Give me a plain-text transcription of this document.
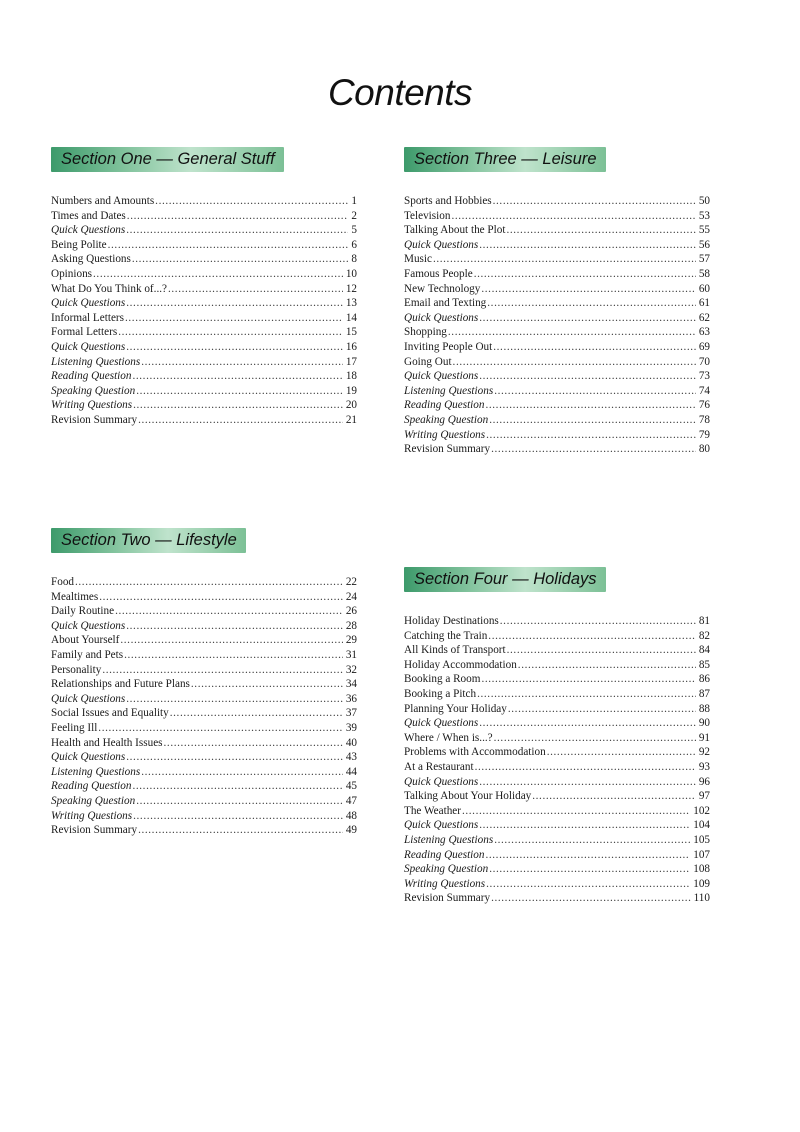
Contents
Section One — General Stuff
Numbers and Amounts .....	1
Times and Dates .....	2
Quick Questions .....	5
Being Polite .....	6
Asking Questions .....	8
Opinions .....	10
What Do You Think of...? .....	12
Quick Questions .....	13
Informal Letters .....	14
Formal Letters .....	15
Quick Questions .....	16
Listening Questions .....	17
Reading Question .....	18
Speaking Question .....	19
Writing Questions .....	20
Revision Summary .....	21
Section Two — Lifestyle
Food .....	22
Mealtimes .....	24
Daily Routine .....	26
Quick Questions .....	28
About Yourself .....	29
Family and Pets .....	31
Personality .....	32
Relationships and Future Plans .....	34
Quick Questions .....	36
Social Issues and Equality .....	37
Feeling Ill .....	39
Health and Health Issues .....	40
Quick Questions .....	43
Listening Questions .....	44
Reading Question .....	45
Speaking Question .....	47
Writing Questions .....	48
Revision Summary .....	49
Section Three — Leisure
Sports and Hobbies .....	50
Television .....	53
Talking About the Plot .....	55
Quick Questions .....	56
Music .....	57
Famous People .....	58
New Technology .....	60
Email and Texting .....	61
Quick Questions .....	62
Shopping .....	63
Inviting People Out .....	69
Going Out .....	70
Quick Questions .....	73
Listening Questions .....	74
Reading Question .....	76
Speaking Question .....	78
Writing Questions .....	79
Revision Summary .....	80
Section Four — Holidays
Holiday Destinations .....	81
Catching the Train .....	82
All Kinds of Transport .....	84
Holiday Accommodation .....	85
Booking a Room .....	86
Booking a Pitch .....	87
Planning Your Holiday .....	88
Quick Questions .....	90
Where / When is...? .....	91
Problems with Accommodation .....	92
At a Restaurant .....	93
Quick Questions .....	96
Talking About Your Holiday .....	97
The Weather .....	102
Quick Questions .....	104
Listening Questions .....	105
Reading Question .....	107
Speaking Question .....	108
Writing Questions .....	109
Revision Summary .....	110
